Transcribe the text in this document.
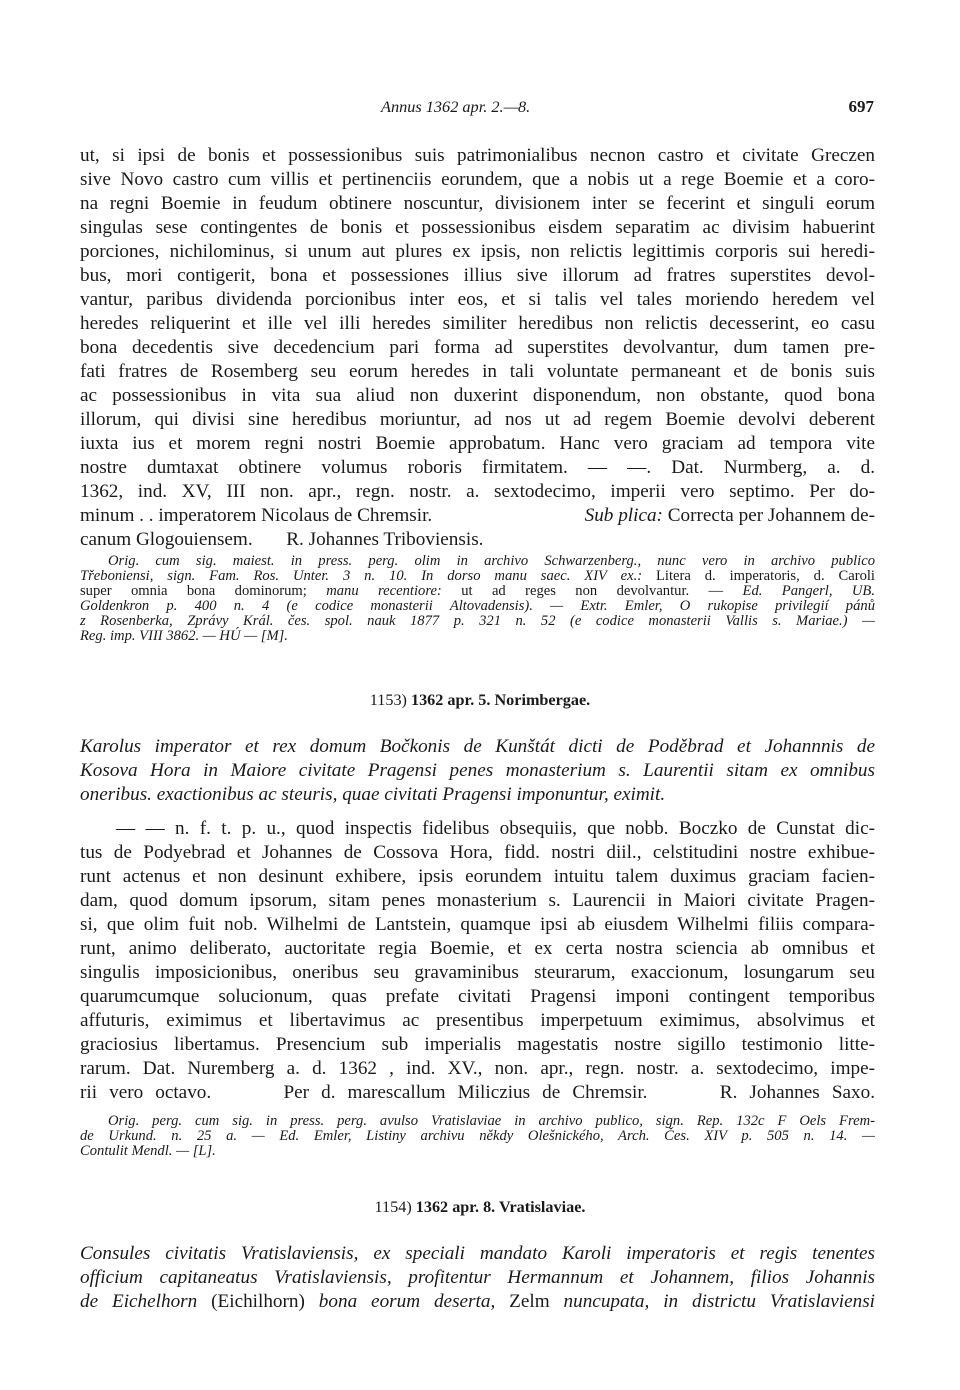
Annus 1362 apr. 2.—8.	697
ut, si ipsi de bonis et possessionibus suis patrimonialibus necnon castro et civitate Greczen
sive Novo castro cum villis et pertinenciis eorundem, que a nobis ut a rege Boemie et a coro-
na regni Boemie in feudum obtinere noscuntur, divisionem inter se fecerint et singuli eorum
singulas sese contingentes de bonis et possessionibus eisdem separatim ac divisim habuerint
porciones, nichilominus, si unum aut plures ex ipsis, non relictis legittimis corporis sui heredi-
bus, mori contigerit, bona et possessiones illius sive illorum ad fratres superstites devol-
vantur, paribus dividenda porcionibus inter eos, et si talis vel tales moriendo heredem vel
heredes reliquerint et ille vel illi heredes similiter heredibus non relictis decesserint, eo casu
bona decedentis sive decedencium pari forma ad superstites devolvantur, dum tamen pre-
fati fratres de Rosemberg seu eorum heredes in tali voluntate permaneant et de bonis suis
ac possessionibus in vita sua aliud non duxerint disponendum, non obstante, quod bona
illorum, qui divisi sine heredibus moriuntur, ad nos ut ad regem Boemie devolvi deberent
iuxta ius et morem regni nostri Boemie approbatum. Hanc vero graciam ad tempora vite
nostre dumtaxat obtinere volumus roboris firmitatem. — —. Dat. Nurmberg, a. d.
1362, ind. XV, III non. apr., regn. nostr. a. sextodecimo, imperii vero septimo. Per do-
minum . . imperatorem Nicolaus de Chremsir.	Sub plica: Correcta per Johannem de-
canum Glogouiensem.       R. Johannes Triboviensis.
Orig. cum sig. maiest. in press. perg. olim in archivo Schwarzenberg., nunc vero in archivo publico
Třeboniensi, sign. Fam. Ros. Unter. 3 n. 10. In dorso manu saec. XIV ex.: Litera d. imperatoris, d. Caroli
super omnia bona dominorum; manu recentiore: ut ad reges non devolvantur. — Ed. Pangerl, UB.
Goldenkron p. 400 n. 4 (e codice monasterii Altovadensis). — Extr. Emler, O rukopise privilegií pánů
z Rosenberka, Zprávy Král. čes. spol. nauk 1877 p. 321 n. 52 (e codice monasterii Vallis s. Mariae.) —
Reg. imp. VIII 3862. — HÚ — [M].
1153) 1362 apr. 5. Norimbergae.
Karolus imperator et rex domum Bočkonis de Kunštát dicti de Poděbrad et Johannnis de
Kosova Hora in Maiore civitate Pragensi penes monasterium s. Laurentii sitam ex omnibus
oneribus. exactionibus ac steuris, quae civitati Pragensi imponuntur, eximit.
— — n. f. t. p. u., quod inspectis fidelibus obsequiis, que nobb. Boczko de Cunstat dic-
tus de Podyebrad et Johannes de Cossova Hora, fidd. nostri diil., celstitudini nostre exhibue-
runt actenus et non desinunt exhibere, ipsis eorundem intuitu talem duximus graciam facien-
dam, quod domum ipsorum, sitam penes monasterium s. Laurencii in Maiori civitate Pragen-
si, que olim fuit nob. Wilhelmi de Lantstein, quamque ipsi ab eiusdem Wilhelmi filiis compara-
runt, animo deliberato, auctoritate regia Boemie, et ex certa nostra sciencia ab omnibus et
singulis imposicionibus, oneribus seu gravaminibus steurarum, exaccionum, losungarum seu
quarumcumque solucionum, quas prefate civitati Pragensi imponi contingent temporibus
affuturis, eximimus et libertavimus ac presentibus imperpetuum eximimus, absolvimus et
graciosius libertamus. Presencium sub imperialis magestatis nostre sigillo testimonio litte-
rarum. Dat. Nuremberg a. d. 1362 , ind. XV., non. apr., regn. nostr. a. sextodecimo, impe-
rii vero octavo.      Per d. marescallum Miliczius de Chremsir.      R. Johannes Saxo.
Orig. perg. cum sig. in press. perg. avulso Vratislaviae in archivo publico, sign. Rep. 132c F Oels Frem-
de Urkund. n. 25 a. — Ed. Emler, Listiny archivu někdy Olešnického, Arch. Čes. XIV p. 505 n. 14. —
Contulit Mendl. — [L].
1154) 1362 apr. 8. Vratislaviae.
Consules civitatis Vratislaviensis, ex speciali mandato Karoli imperatoris et regis tenentes
officium capitaneatus Vratislaviensis, profitentur Hermannum et Johannem, filios Johannis
de Eichelhorn (Eichilhorn) bona eorum deserta, Zelm nuncupata, in districtu Vratislaviensi
